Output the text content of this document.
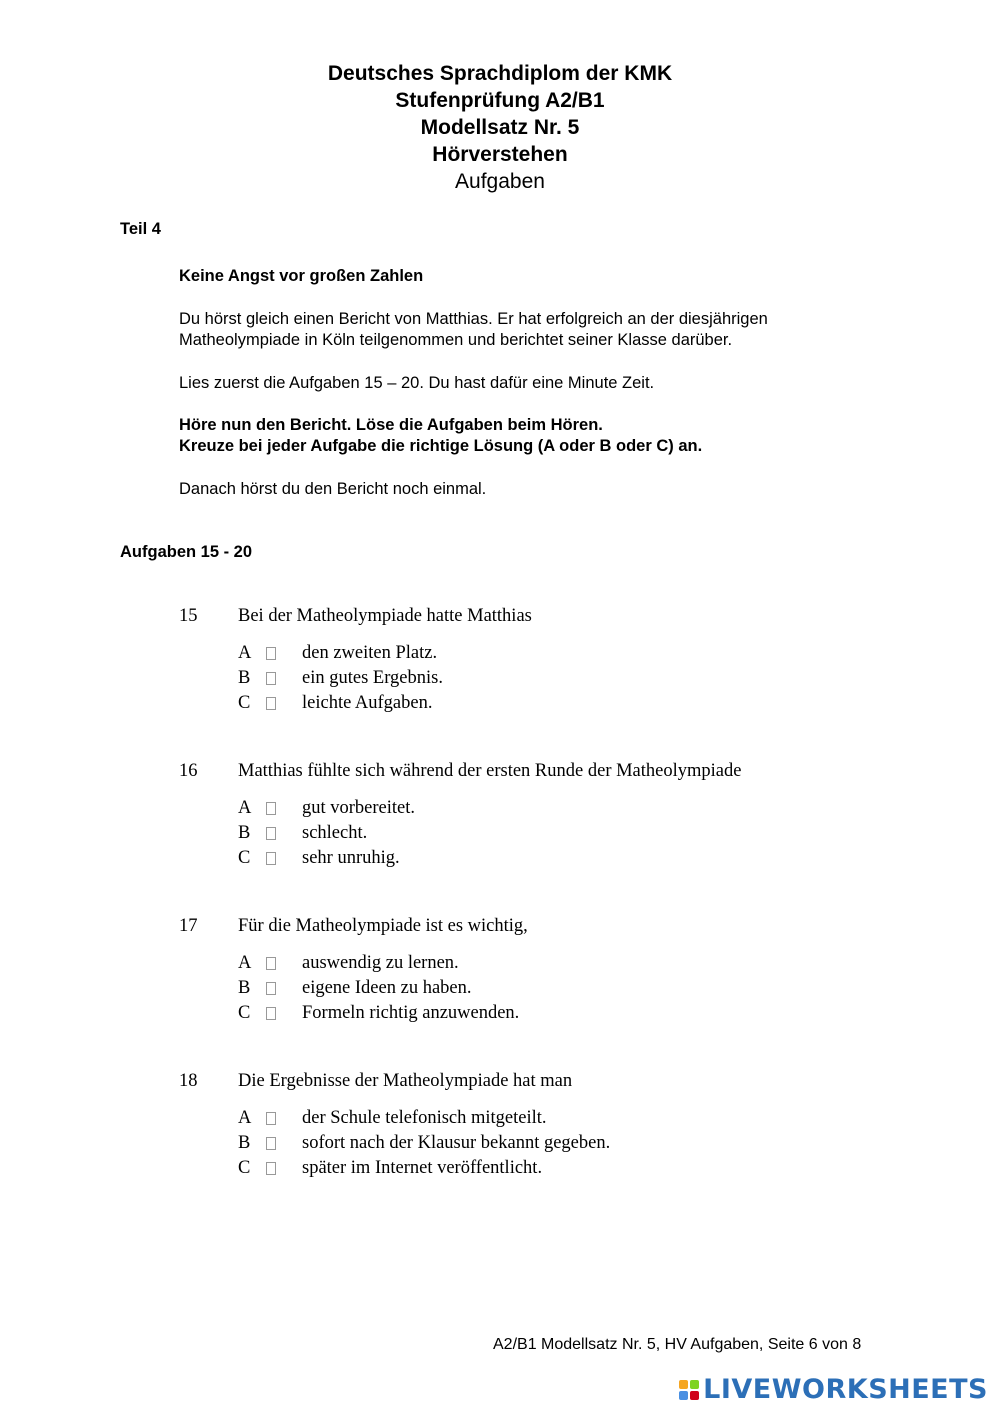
Deutsches Sprachdiplom der KMK
Stufenprüfung A2/B1
Modellsatz Nr. 5
Hörverstehen
Aufgaben
Teil 4
Keine Angst vor großen Zahlen
Du hörst gleich einen Bericht von Matthias. Er hat erfolgreich an der diesjährigen
Matheolympiade in Köln teilgenommen und berichtet seiner Klasse darüber.
Lies zuerst die Aufgaben 15 – 20. Du hast dafür eine Minute Zeit.
Höre nun den Bericht. Löse die Aufgaben beim Hören.
Kreuze bei jeder Aufgabe die richtige Lösung (A oder B oder C) an.
Danach hörst du den Bericht noch einmal.
Aufgaben 15 - 20
15 Bei der Matheolympiade hatte Matthias
A	den zweiten Platz.
B	ein gutes Ergebnis.
C	leichte Aufgaben.
16 Matthias fühlte sich während der ersten Runde der Matheolympiade
A	gut vorbereitet.
B	schlecht.
C	sehr unruhig.
17 Für die Matheolympiade ist es wichtig,
A	auswendig zu lernen.
B	eigene Ideen zu haben.
C	Formeln richtig anzuwenden.
18 Die Ergebnisse der Matheolympiade hat man
A	der Schule telefonisch mitgeteilt.
B	sofort nach der Klausur bekannt gegeben.
C	später im Internet veröffentlicht.
A2/B1 Modellsatz Nr. 5, HV Aufgaben, Seite 6 von 8
LIVEWORKSHEETS
